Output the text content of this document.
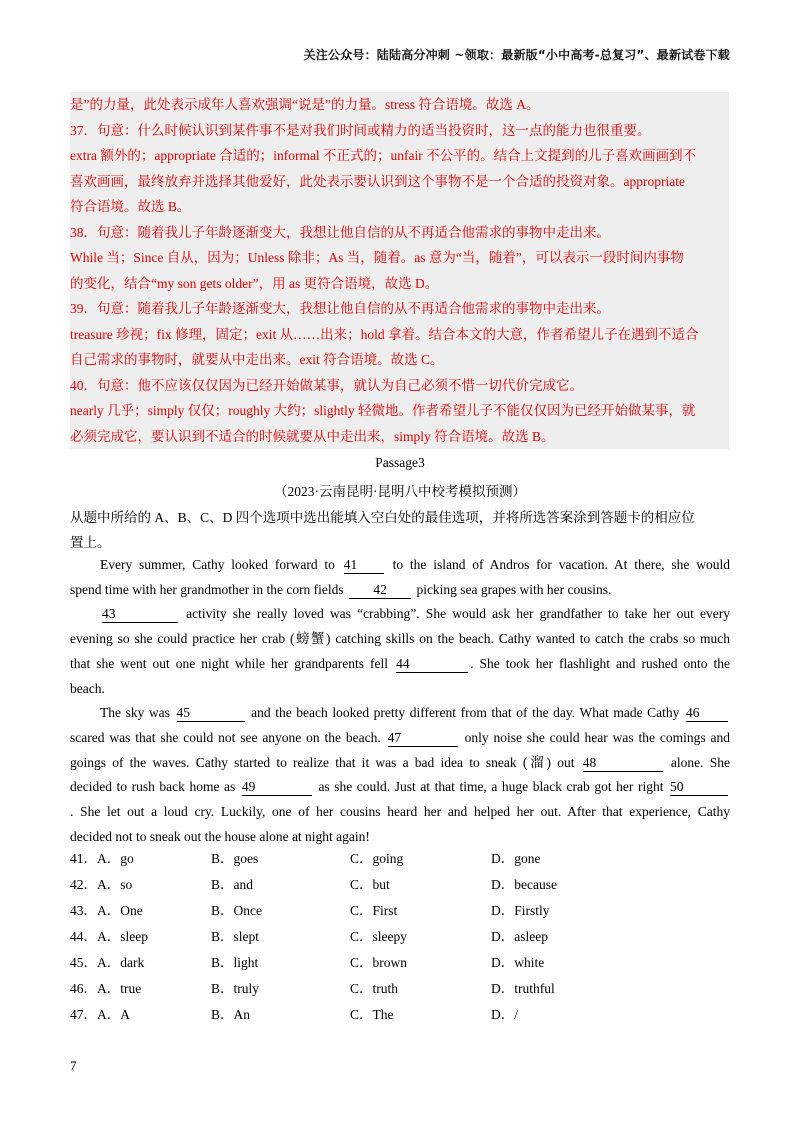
关注公众号：陆陆高分冲刺 ~领取：最新版“小中高考-总复习”、最新试卷下载

是”的力量，此处表示成年人喜欢强调“说是”的力量。stress 符合语境。故选 A。

37．句意：什么时候认识到某件事不是对我们时间或精力的适当投资时，这一点的能力也很重要。

extra 额外的；appropriate 合适的；informal 不正式的；unfair 不公平的。结合上文提到的儿子喜欢画画到不

喜欢画画，最终放弃并选择其他爱好，此处表示要认识到这个事物不是一个合适的投资对象。appropriate

符合语境。故选 B。

38．句意：随着我儿子年龄逐渐变大，我想让他自信的从不再适合他需求的事物中走出来。

While 当；Since 自从，因为；Unless 除非；As 当，随着。as 意为“当，随着”，可以表示一段时间内事物

的变化，结合“my son gets older”，用 as 更符合语境，故选 D。

39．句意：随着我儿子年龄逐渐变大，我想让他自信的从不再适合他需求的事物中走出来。

treasure 珍视；fix 修理，固定；exit 从……出来；hold 拿着。结合本文的大意，作者希望儿子在遇到不适合

自己需求的事物时，就要从中走出来。exit 符合语境。故选 C。

40．句意：他不应该仅仅因为已经开始做某事，就认为自己必须不惜一切代价完成它。

nearly 几乎；simply 仅仅；roughly 大约；slightly 轻微地。作者希望儿子不能仅仅因为已经开始做某事，就

必须完成它，要认识到不适合的时候就要从中走出来，simply 符合语境。故选 B。

Passage3
（2023·云南昆明·昆明八中校考模拟预测）
从题中所给的 A、B、C、D 四个选项中选出能填入空白处的最佳选项，并将所选答案涂到答题卡的相应位
置上。
Every summer, Cathy looked forward to 41	to the island of Andros for vacation. At there, she would
spend time with her grandmother in the corn fields 42 picking sea grapes with her cousins.
43	activity she really loved was “crabbing”. She would ask her grandfather to take her out every
evening so she could practice her crab (螃蟹) catching skills on the beach. Cathy wanted to catch the crabs so much
that she went out one night while her grandparents fell 44	. She took her flashlight and rushed onto the
beach.
The sky was 45	and the beach looked pretty different from that of the day. What made Cathy 46
scared was that she could not see anyone on the beach. 47	only noise she could hear was the comings and
goings of the waves. Cathy started to realize that it was a bad idea to sneak (溜) out 48	alone. She
decided to rush back home as 49	as she could. Just at that time, a huge black crab got her right 50
. She let out a loud cry. Luckily, one of her cousins heard her and helped her out. After that experience, Cathy
decided not to sneak out the house alone at night again!
41．A．go	B．goes	C．going	D．gone
42．A．so	B．and	C．but	D．because
43．A．One	B．Once	C．First	D．Firstly
44．A．sleep	B．slept	C．sleepy	D．asleep
45．A．dark	B．light	C．brown	D．white
46．A．true	B．truly	C．truth	D．truthful
47．A．A	B．An	C．The	D．/
7
